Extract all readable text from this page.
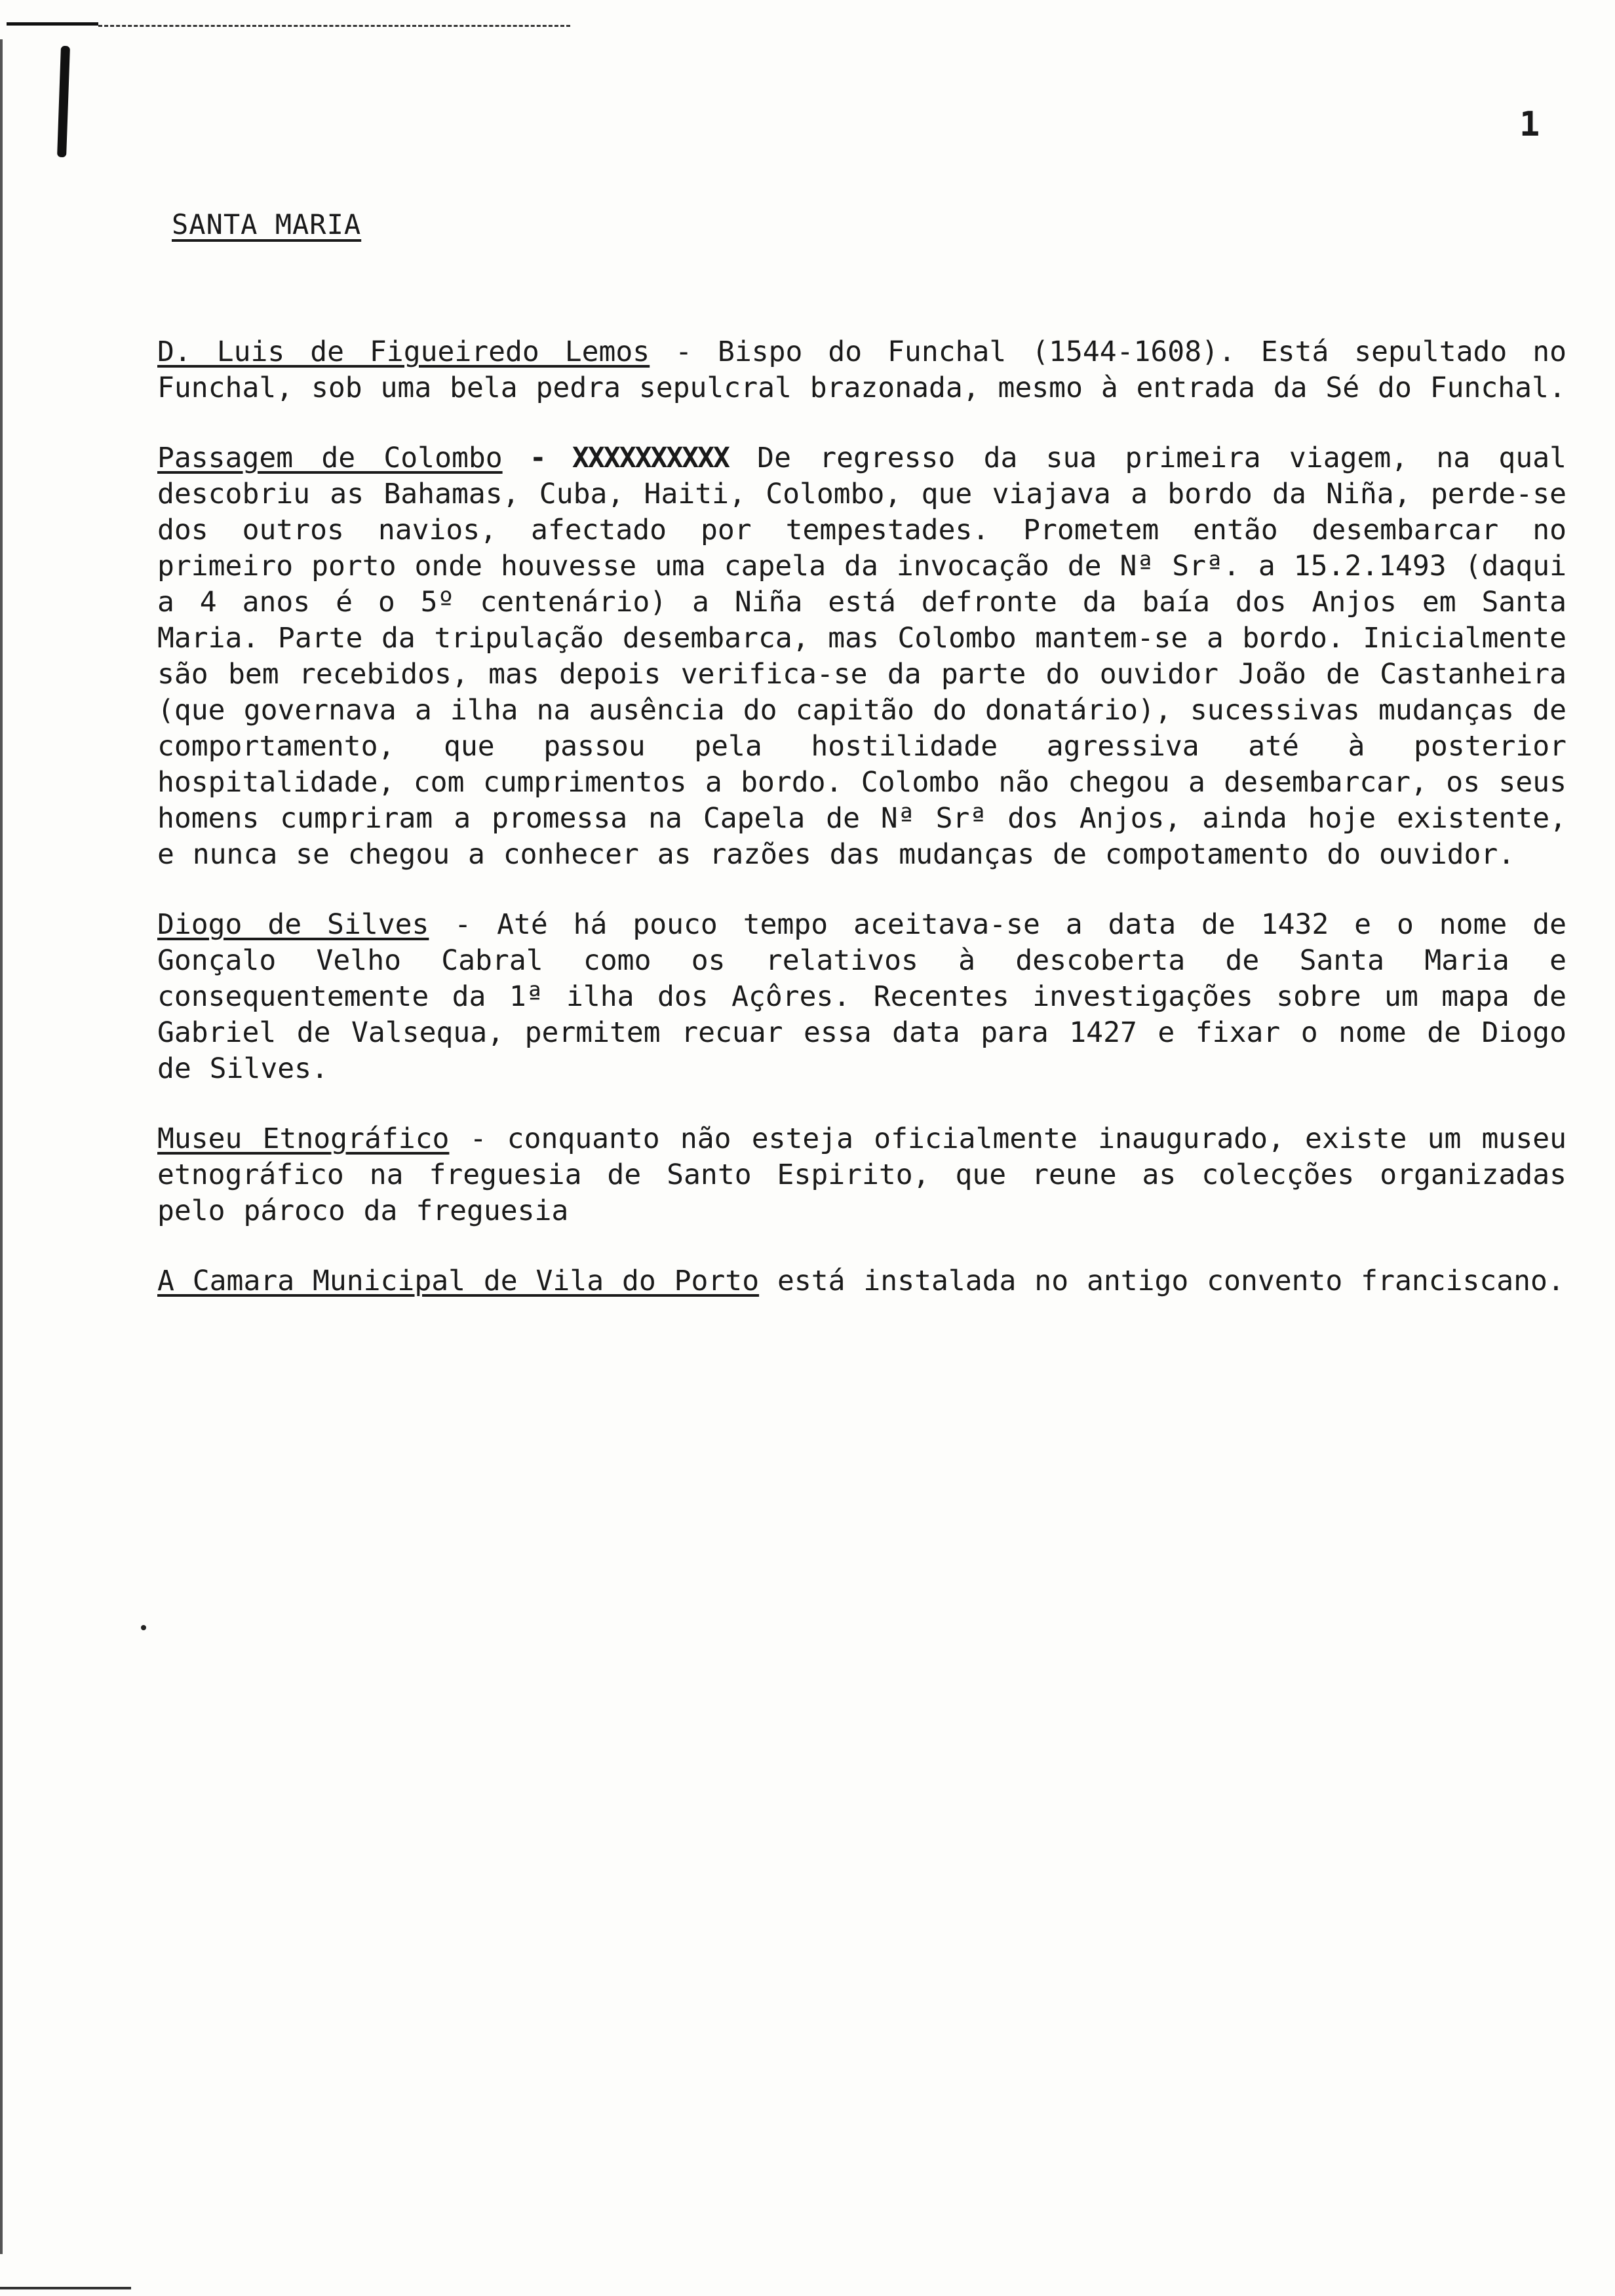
1
SANTA MARIA

D. Luis de Figueiredo Lemos - Bispo do Funchal (1544-1608). Está sepultado no Funchal, sob uma bela pedra sepulcral brazonada, mesmo à entrada da Sé do Funchal.

Passagem de Colombo - XXXXXXXXXX De regresso da sua primeira viagem, na qual descobriu as Bahamas, Cuba, Haiti, Colombo, que viajava a bordo da Niña, perde-se dos outros navios, afectado por tempestades. Prometem então desembarcar no primeiro porto onde houvesse uma capela da invocação de Nª Srª. a 15.2.1493 (daqui a 4 anos é o 5º centenário) a Niña está defronte da baía dos Anjos em Santa Maria. Parte da tripulação desembarca, mas Colombo mantem-se a bordo. Inicialmente são bem recebidos, mas depois verifica-se da parte do ouvidor João de Castanheira (que governava a ilha na ausência do capitão do donatário), sucessivas mudanças de comportamento, que passou pela hostilidade agressiva até à posterior hospitalidade, com cumprimentos a bordo. Colombo não chegou a desembarcar, os seus homens cumpriram a promessa na Capela de Nª Srª dos Anjos, ainda hoje existente, e nunca se chegou a conhecer as razões das mudanças de compotamento do ouvidor.

Diogo de Silves - Até há pouco tempo aceitava-se a data de 1432 e o nome de Gonçalo Velho Cabral como os relativos à descoberta de Santa Maria e consequentemente da 1ª ilha dos Açôres. Recentes investigações sobre um mapa de Gabriel de Valsequa, permitem recuar essa data para 1427 e fixar o nome de Diogo de Silves.

Museu Etnográfico - conquanto não esteja oficialmente inaugurado, existe um museu etnográfico na freguesia de Santo Espirito, que reune as colecções organizadas pelo pároco da freguesia

A Camara Municipal de Vila do Porto está instalada no antigo convento franciscano.
